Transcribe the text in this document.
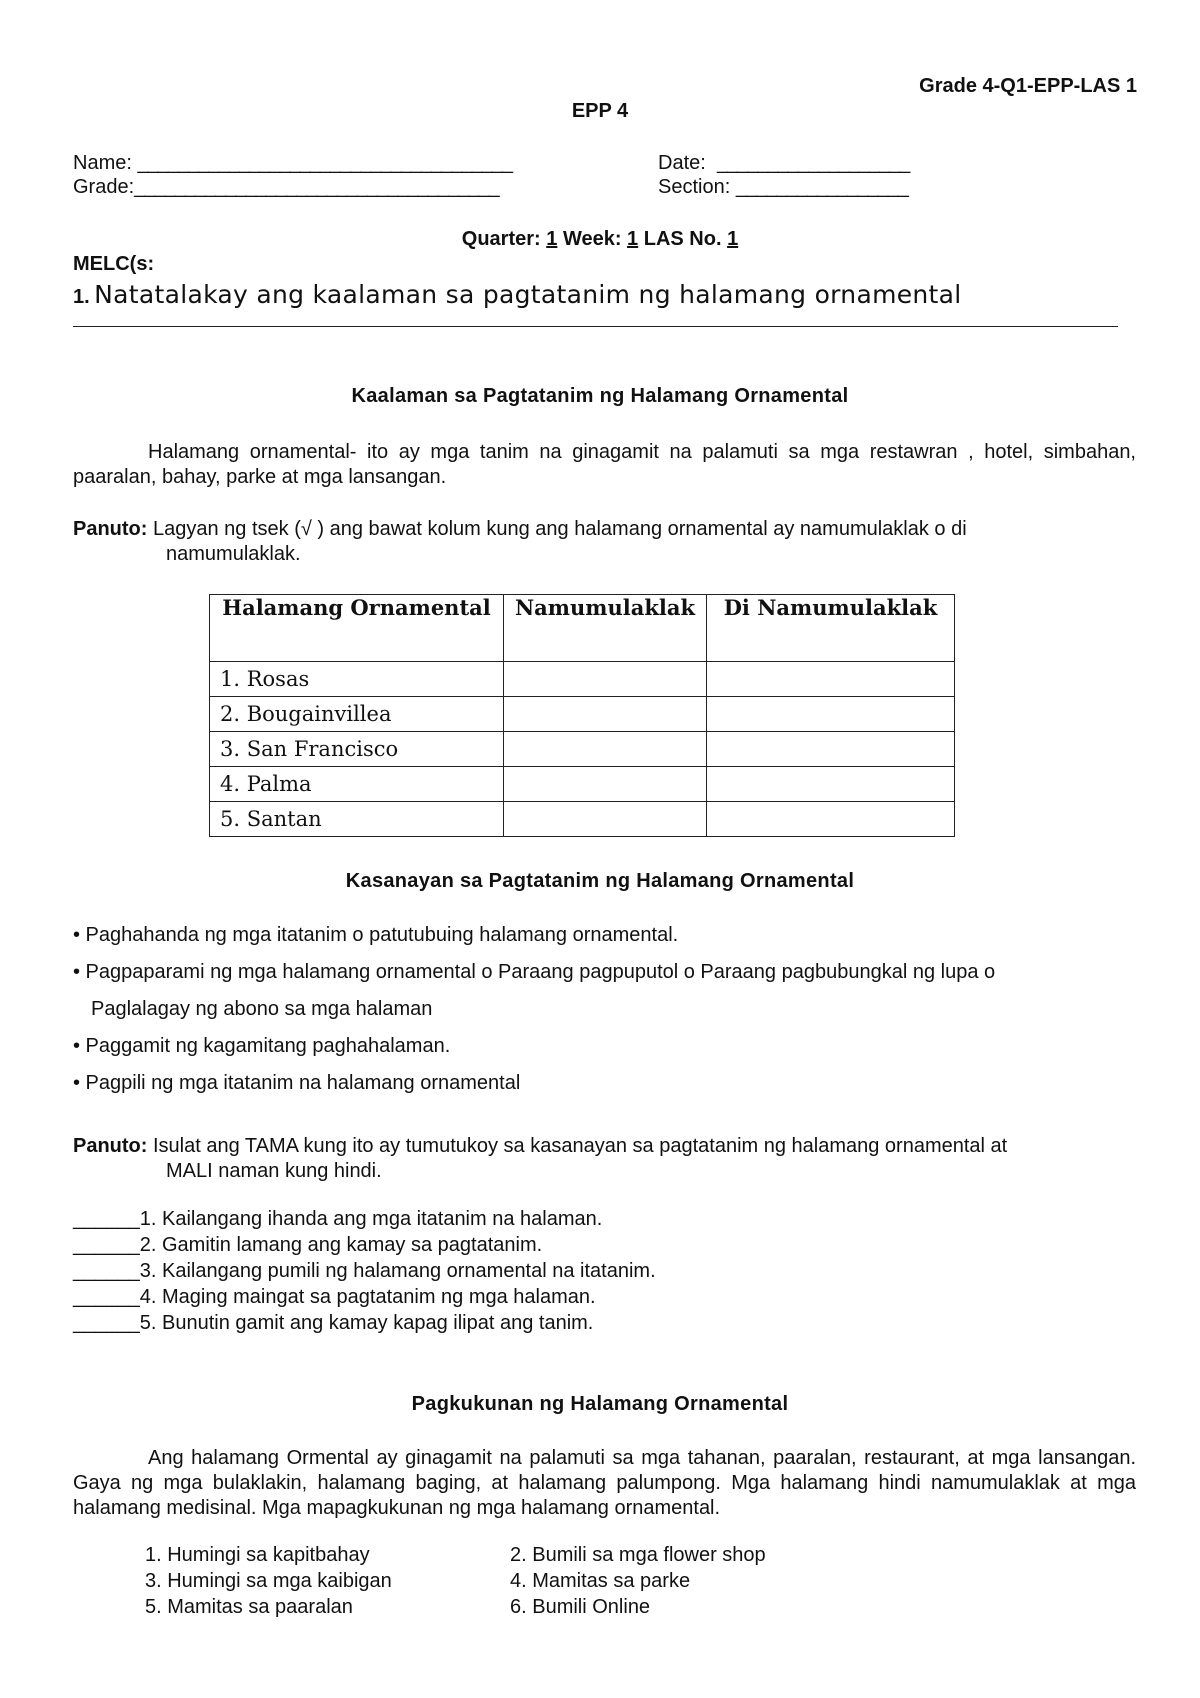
Grade 4-Q1-EPP-LAS 1
EPP 4
Name: _____________________________________	Date: ___________________
Grade:____________________________________	Section: _________________
Quarter: 1 Week: 1 LAS No. 1
MELC(s:
1. Natatalakay ang kaalaman sa pagtatanim ng halamang ornamental
Kaalaman sa Pagtatanim ng Halamang Ornamental
Halamang ornamental- ito ay mga tanim na ginagamit na palamuti sa mga restawran , hotel, simbahan, paaralan, bahay, parke at mga lansangan.
Panuto: Lagyan ng tsek (√ ) ang bawat kolum kung ang halamang ornamental ay namumulaklak o di
namumulaklak.
Halamang Ornamental	Namumulaklak	Di Namumulaklak
1. Rosas		
2. Bougainvillea		
3. San Francisco		
4. Palma		
5. Santan		
Kasanayan sa Pagtatanim ng Halamang Ornamental
• Paghahanda ng mga itatanim o patutubuing halamang ornamental.
• Pagpaparami ng mga halamang ornamental o Paraang pagpuputol o Paraang pagbubungkal ng lupa o
Paglalagay ng abono sa mga halaman
• Paggamit ng kagamitang paghahalaman.
• Pagpili ng mga itatanim na halamang ornamental
Panuto: Isulat ang TAMA kung ito ay tumutukoy sa kasanayan sa pagtatanim ng halamang ornamental at
MALI naman kung hindi.
______1. Kailangang ihanda ang mga itatanim na halaman.
______2. Gamitin lamang ang kamay sa pagtatanim.
______3. Kailangang pumili ng halamang ornamental na itatanim.
______4. Maging maingat sa pagtatanim ng mga halaman.
______5. Bunutin gamit ang kamay kapag ilipat ang tanim.
Pagkukunan ng Halamang Ornamental
Ang halamang Ormental ay ginagamit na palamuti sa mga tahanan, paaralan, restaurant, at mga lansangan. Gaya ng mga bulaklakin, halamang baging, at halamang palumpong. Mga halamang hindi namumulaklak at mga halamang medisinal. Mga mapagkukunan ng mga halamang ornamental.
1. Humingi sa kapitbahay	2. Bumili sa mga flower shop
3. Humingi sa mga kaibigan	4. Mamitas sa parke
5. Mamitas sa paaralan	6. Bumili Online
